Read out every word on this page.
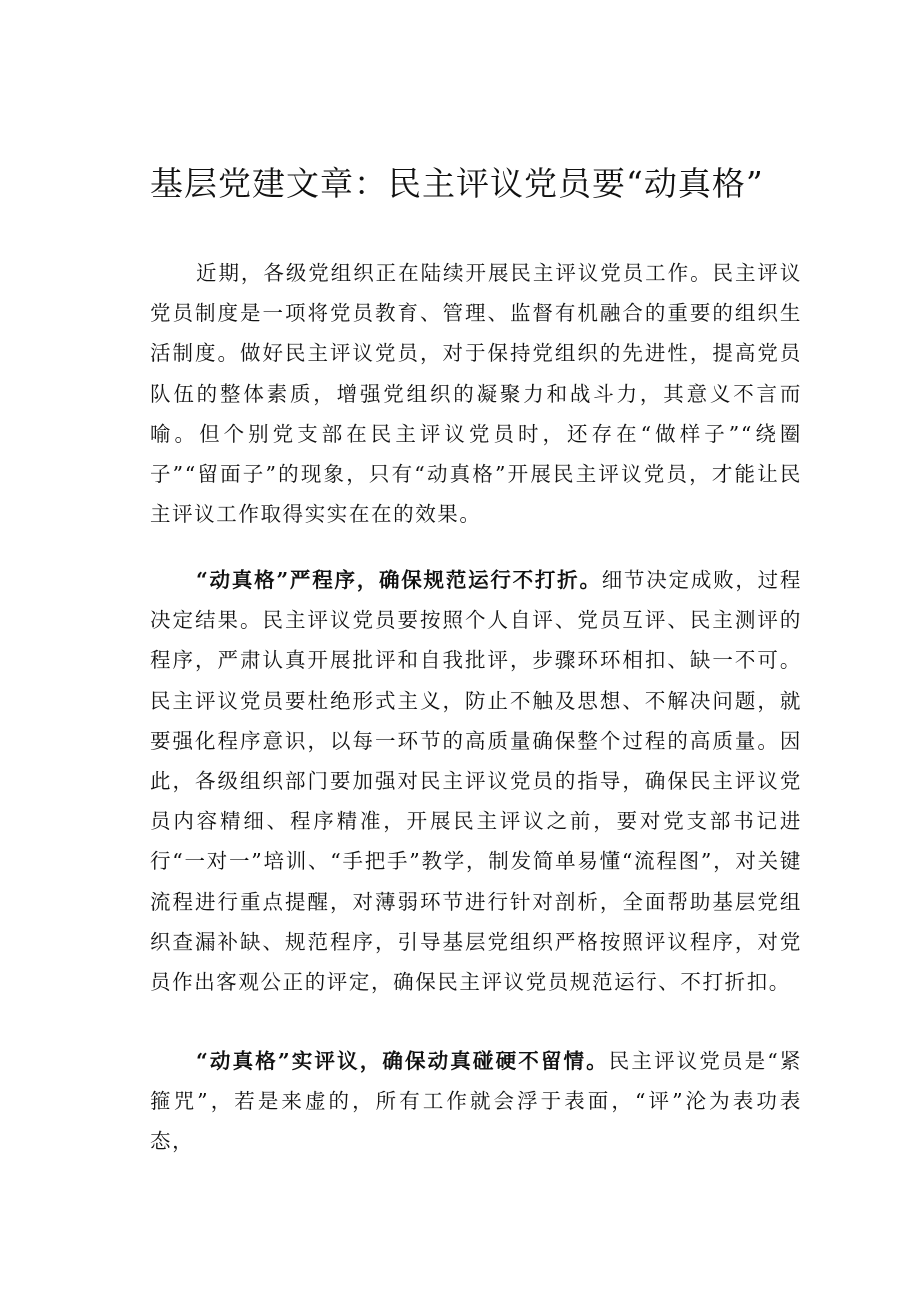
基层党建文章：民主评议党员要“动真格”

近期，各级党组织正在陆续开展民主评议党员工作。民主评议党员制度是一项将党员教育、管理、监督有机融合的重要的组织生活制度。做好民主评议党员，对于保持党组织的先进性，提高党员队伍的整体素质，增强党组织的凝聚力和战斗力，其意义不言而喻。但个别党支部在民主评议党员时，还存在“做样子”“绕圈子”“留面子”的现象，只有“动真格”开展民主评议党员，才能让民主评议工作取得实实在在的效果。

“动真格”严程序，确保规范运行不打折。细节决定成败，过程决定结果。民主评议党员要按照个人自评、党员互评、民主测评的程序，严肃认真开展批评和自我批评，步骤环环相扣、缺一不可。民主评议党员要杜绝形式主义，防止不触及思想、不解决问题，就要强化程序意识，以每一环节的高质量确保整个过程的高质量。因此，各级组织部门要加强对民主评议党员的指导，确保民主评议党员内容精细、程序精准，开展民主评议之前，要对党支部书记进行“一对一”培训、“手把手”教学，制发简单易懂“流程图”，对关键流程进行重点提醒，对薄弱环节进行针对剖析，全面帮助基层党组织查漏补缺、规范程序，引导基层党组织严格按照评议程序，对党员作出客观公正的评定，确保民主评议党员规范运行、不打折扣。

“动真格”实评议，确保动真碰硬不留情。民主评议党员是“紧箍咒”，若是来虚的，所有工作就会浮于表面，“评”沦为表功表态，
